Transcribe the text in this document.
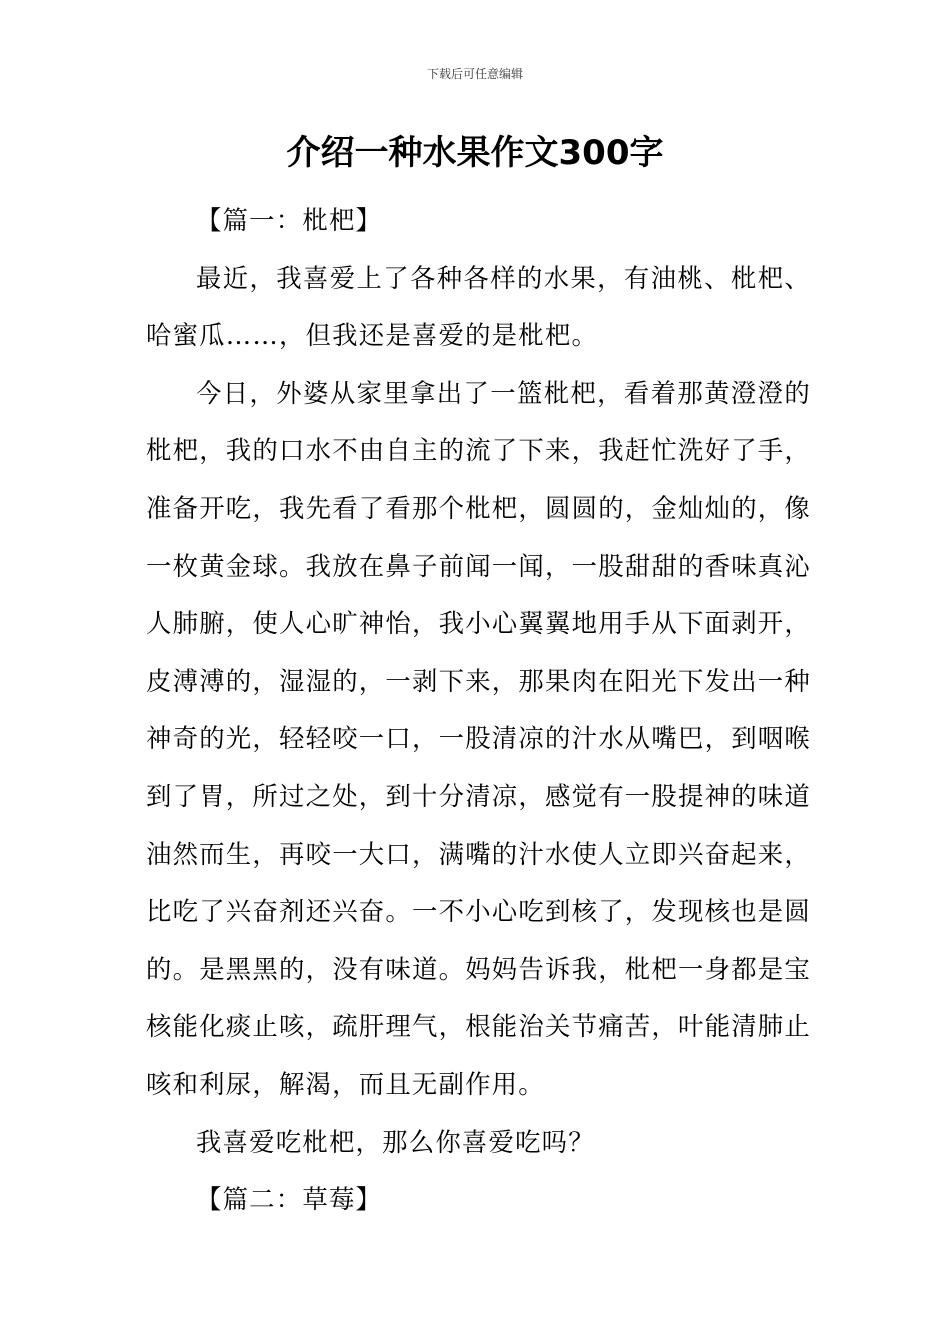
下载后可任意编辑
介绍一种水果作文300字

【篇一：枇杷】

最近，我喜爱上了各种各样的水果，有油桃、枇杷、哈蜜瓜……，但我还是喜爱的是枇杷。

今日，外婆从家里拿出了一篮枇杷，看着那黄澄澄的枇杷，我的口水不由自主的流了下来，我赶忙洗好了手，准备开吃，我先看了看那个枇杷，圆圆的，金灿灿的，像一枚黄金球。我放在鼻子前闻一闻，一股甜甜的香味真沁人肺腑，使人心旷神怡，我小心翼翼地用手从下面剥开，皮溥溥的，湿湿的，一剥下来，那果肉在阳光下发出一种神奇的光，轻轻咬一口，一股清凉的汁水从嘴巴，到咽喉到了胃，所过之处，到十分清凉，感觉有一股提神的味道油然而生，再咬一大口，满嘴的汁水使人立即兴奋起来，比吃了兴奋剂还兴奋。一不小心吃到核了，发现核也是圆的。是黑黑的，没有味道。妈妈告诉我，枇杷一身都是宝核能化痰止咳，疏肝理气，根能治关节痛苦，叶能清肺止咳和利尿，解渴，而且无副作用。

我喜爱吃枇杷，那么你喜爱吃吗？

【篇二：草莓】
